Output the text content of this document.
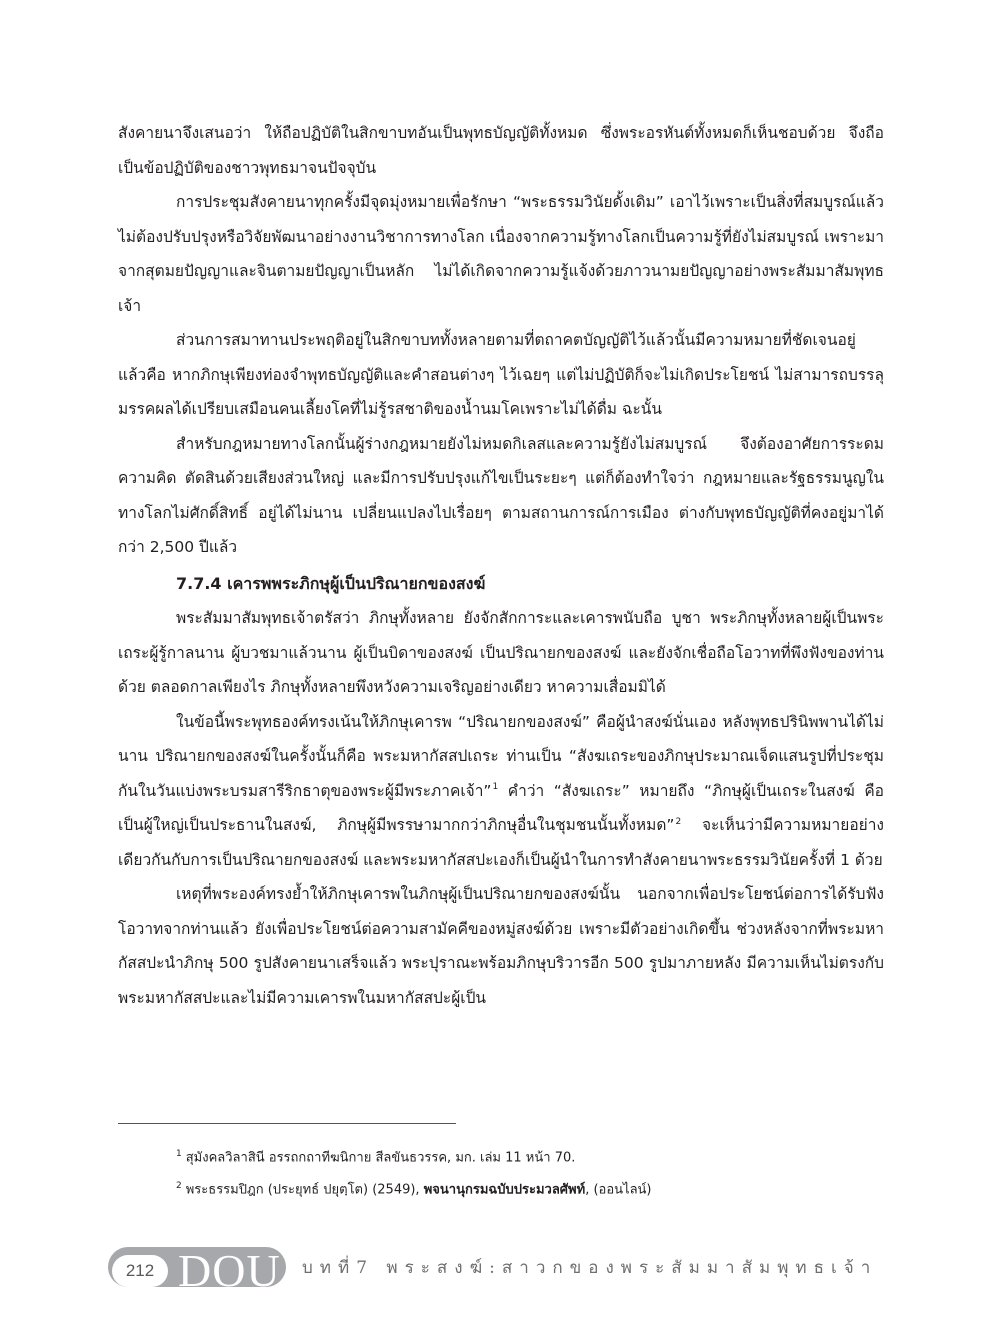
สังคายนาจึงเสนอว่า ให้ถือปฏิบัติในสิกขาบทอันเป็นพุทธบัญญัติทั้งหมด ซึ่งพระอรหันต์ทั้งหมดก็เห็นชอบด้วย จึงถือเป็นข้อปฏิบัติของชาวพุทธมาจนปัจจุบัน

การประชุมสังคายนาทุกครั้งมีจุดมุ่งหมายเพื่อรักษา “พระธรรมวินัยดั้งเดิม” เอาไว้เพราะเป็นสิ่งที่สมบูรณ์แล้ว ไม่ต้องปรับปรุงหรือวิจัยพัฒนาอย่างงานวิชาการทางโลก เนื่องจากความรู้ทางโลกเป็นความรู้ที่ยังไม่สมบูรณ์ เพราะมาจากสุตมยปัญญาและจินตามยปัญญาเป็นหลัก ไม่ได้เกิดจากความรู้แจ้งด้วยภาวนามยปัญญาอย่างพระสัมมาสัมพุทธเจ้า

ส่วนการสมาทานประพฤติอยู่ในสิกขาบททั้งหลายตามที่ตถาคตบัญญัติไว้แล้วนั้นมีความหมายที่ชัดเจนอยู่แล้วคือ หากภิกษุเพียงท่องจำพุทธบัญญัติและคำสอนต่างๆ ไว้เฉยๆ แต่ไม่ปฏิบัติก็จะไม่เกิดประโยชน์ ไม่สามารถบรรลุมรรคผลได้เปรียบเสมือนคนเลี้ยงโคที่ไม่รู้รสชาติของน้ำนมโคเพราะไม่ได้ดื่ม ฉะนั้น

สำหรับกฎหมายทางโลกนั้นผู้ร่างกฎหมายยังไม่หมดกิเลสและความรู้ยังไม่สมบูรณ์ จึงต้องอาศัยการระดมความคิด ตัดสินด้วยเสียงส่วนใหญ่ และมีการปรับปรุงแก้ไขเป็นระยะๆ แต่ก็ต้องทำใจว่า กฎหมายและรัฐธรรมนูญในทางโลกไม่ศักดิ์สิทธิ์ อยู่ได้ไม่นาน เปลี่ยนแปลงไปเรื่อยๆ ตามสถานการณ์การเมือง ต่างกับพุทธบัญญัติที่คงอยู่มาได้กว่า 2,500 ปีแล้ว

7.7.4 เคารพพระภิกษุผู้เป็นปริณายกของสงฆ์

พระสัมมาสัมพุทธเจ้าตรัสว่า ภิกษุทั้งหลาย ยังจักสักการะและเคารพนับถือ บูชา พระภิกษุทั้งหลายผู้เป็นพระเถระผู้รู้กาลนาน ผู้บวชมาแล้วนาน ผู้เป็นบิดาของสงฆ์ เป็นปริณายกของสงฆ์ และยังจักเชื่อถือโอวาทที่พึงฟังของท่านด้วย ตลอดกาลเพียงไร ภิกษุทั้งหลายพึงหวังความเจริญอย่างเดียว หาความเสื่อมมิได้

ในข้อนี้พระพุทธองค์ทรงเน้นให้ภิกษุเคารพ “ปริณายกของสงฆ์” คือผู้นำสงฆ์นั่นเอง หลังพุทธปรินิพพานได้ไม่นาน ปริณายกของสงฆ์ในครั้งนั้นก็คือ พระมหากัสสปเถระ ท่านเป็น “สังฆเถระของภิกษุประมาณเจ็ดแสนรูปที่ประชุมกันในวันแบ่งพระบรมสารีริกธาตุของพระผู้มีพระภาคเจ้า”$^1$ คำว่า “สังฆเถระ” หมายถึง “ภิกษุผู้เป็นเถระในสงฆ์ คือเป็นผู้ใหญ่เป็นประธานในสงฆ์, ภิกษุผู้มีพรรษามากกว่าภิกษุอื่นในชุมชนนั้นทั้งหมด”$^2$ จะเห็นว่ามีความหมายอย่างเดียวกันกับการเป็นปริณายกของสงฆ์ และพระมหากัสสปะเองก็เป็นผู้นำในการทำสังคายนาพระธรรมวินัยครั้งที่ 1 ด้วย

เหตุที่พระองค์ทรงย้ำให้ภิกษุเคารพในภิกษุผู้เป็นปริณายกของสงฆ์นั้น นอกจากเพื่อประโยชน์ต่อการได้รับฟังโอวาทจากท่านแล้ว ยังเพื่อประโยชน์ต่อความสามัคคีของหมู่สงฆ์ด้วย เพราะมีตัวอย่างเกิดขึ้น ช่วงหลังจากที่พระมหากัสสปะนำภิกษุ 500 รูปสังคายนาเสร็จแล้ว พระปุราณะพร้อมภิกษุบริวารอีก 500 รูปมาภายหลัง มีความเห็นไม่ตรงกับพระมหากัสสปะและไม่มีความเคารพในมหากัสสปะผู้เป็น

$^1$ สุมังคลวิลาสินี อรรถกถาทีฆนิกาย สีลขันธวรรค, มก. เล่ม 11 หน้า 70.
$^2$ พระธรรมปิฎก (ประยุทธ์ ปยุตฺโต) (2549), พจนานุกรมฉบับประมวลศัพท์, (ออนไลน์)
212 DOU บทที่7 พระสงฆ์:สาวกของพระสัมมาสัมพุทธเจ้า
